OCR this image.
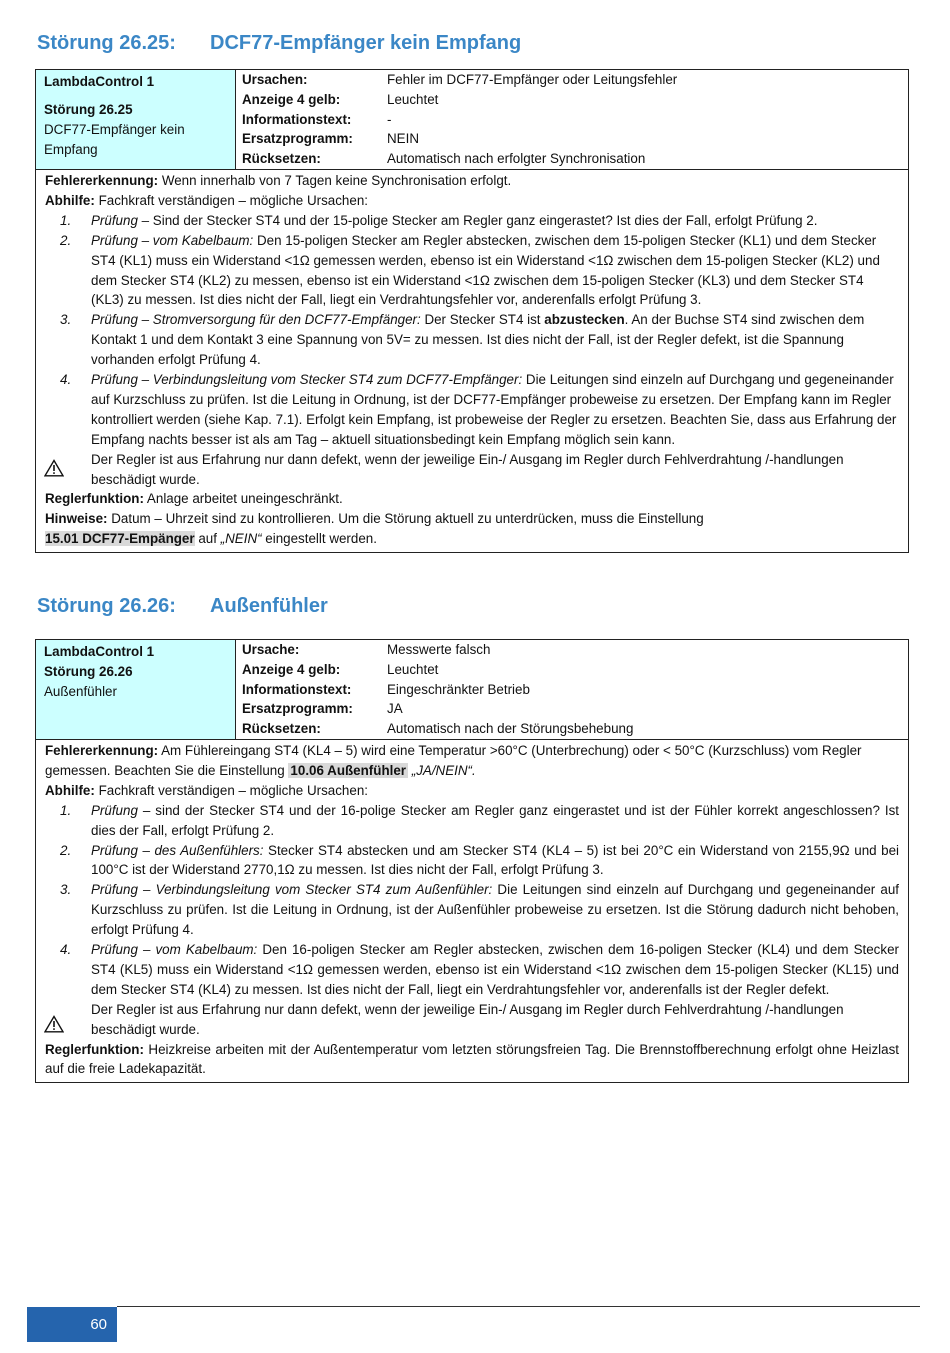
Störung 26.25:	DCF77-Empfänger kein Empfang
LambdaControl 1
Störung 26.25
DCF77-Empfänger kein Empfang
Ursachen:	Fehler im DCF77-Empfänger oder Leitungsfehler
Anzeige 4 gelb:	Leuchtet
Informationstext:	-
Ersatzprogramm:	NEIN
Rücksetzen:	Automatisch nach erfolgter Synchronisation
Fehlererkennung: Wenn innerhalb von 7 Tagen keine Synchronisation erfolgt.
Abhilfe: Fachkraft verständigen – mögliche Ursachen:
1.	Prüfung – Sind der Stecker ST4 und der 15-polige Stecker am Regler ganz eingerastet? Ist dies der Fall, erfolgt Prüfung 2.
2.	Prüfung – vom Kabelbaum: Den 15-poligen Stecker am Regler abstecken, zwischen dem 15-poligen Stecker (KL1) und dem Stecker ST4 (KL1) muss ein Widerstand <1Ω gemessen werden, ebenso ist ein Widerstand <1Ω zwischen dem 15-poligen Stecker (KL2) und dem Stecker ST4 (KL2) zu messen, ebenso ist ein Widerstand <1Ω zwischen dem 15-poligen Stecker (KL3) und dem Stecker ST4 (KL3) zu messen. Ist dies nicht der Fall, liegt ein Verdrahtungsfehler vor, anderenfalls erfolgt Prüfung 3.
3.	Prüfung – Stromversorgung für den DCF77-Empfänger: Der Stecker ST4 ist abzustecken. An der Buchse ST4 sind zwischen dem Kontakt 1 und dem Kontakt 3 eine Spannung von 5V= zu messen. Ist dies nicht der Fall, ist der Regler defekt, ist die Spannung vorhanden erfolgt Prüfung 4.
4.	Prüfung – Verbindungsleitung vom Stecker ST4 zum DCF77-Empfänger: Die Leitungen sind einzeln auf Durchgang und gegeneinander auf Kurzschluss zu prüfen. Ist die Leitung in Ordnung, ist der DCF77-Empfänger probeweise zu ersetzen. Der Empfang kann im Regler kontrolliert werden (siehe Kap. 7.1). Erfolgt kein Empfang, ist probeweise der Regler zu ersetzen. Beachten Sie, dass aus Erfahrung der Empfang nachts besser ist als am Tag – aktuell situationsbedingt kein Empfang möglich sein kann.
Der Regler ist aus Erfahrung nur dann defekt, wenn der jeweilige Ein-/ Ausgang im Regler durch Fehlverdrahtung /-handlungen beschädigt wurde.
Reglerfunktion: Anlage arbeitet uneingeschränkt.
Hinweise: Datum – Uhrzeit sind zu kontrollieren. Um die Störung aktuell zu unterdrücken, muss die Einstellung
15.01 DCF77-Empänger auf „NEIN“ eingestellt werden.
Störung 26.26:	Außenfühler
LambdaControl 1
Störung 26.26
Außenfühler
Ursache:	Messwerte falsch
Anzeige 4 gelb:	Leuchtet
Informationstext:	Eingeschränkter Betrieb
Ersatzprogramm:	JA
Rücksetzen:	Automatisch nach der Störungsbehebung
Fehlererkennung: Am Fühlereingang ST4 (KL4 – 5) wird eine Temperatur >60°C (Unterbrechung) oder < 50°C (Kurzschluss) vom Regler gemessen. Beachten Sie die Einstellung 10.06 Außenfühler „JA/NEIN“.
Abhilfe: Fachkraft verständigen – mögliche Ursachen:
1.	Prüfung – sind der Stecker ST4 und der 16-polige Stecker am Regler ganz eingerastet und ist der Fühler korrekt angeschlossen? Ist dies der Fall, erfolgt Prüfung 2.
2.	Prüfung – des Außenfühlers: Stecker ST4 abstecken und am Stecker ST4 (KL4 – 5) ist bei 20°C ein Widerstand von 2155,9Ω und bei 100°C ist der Widerstand 2770,1Ω zu messen. Ist dies nicht der Fall, erfolgt Prüfung 3.
3.	Prüfung – Verbindungsleitung vom Stecker ST4 zum Außenfühler: Die Leitungen sind einzeln auf Durchgang und gegeneinander auf Kurzschluss zu prüfen. Ist die Leitung in Ordnung, ist der Außenfühler probeweise zu ersetzen. Ist die Störung dadurch nicht behoben, erfolgt Prüfung 4.
4.	Prüfung – vom Kabelbaum: Den 16-poligen Stecker am Regler abstecken, zwischen dem 16-poligen Stecker (KL4) und dem Stecker ST4 (KL5) muss ein Widerstand <1Ω gemessen werden, ebenso ist ein Widerstand <1Ω zwischen dem 15-poligen Stecker (KL15) und dem Stecker ST4 (KL4) zu messen. Ist dies nicht der Fall, liegt ein Verdrahtungsfehler vor, anderenfalls ist der Regler defekt.
Der Regler ist aus Erfahrung nur dann defekt, wenn der jeweilige Ein-/ Ausgang im Regler durch Fehlverdrahtung /-handlungen beschädigt wurde.
Reglerfunktion: Heizkreise arbeiten mit der Außentemperatur vom letzten störungsfreien Tag. Die Brennstoffberechnung erfolgt ohne Heizlast auf die freie Ladekapazität.
60
